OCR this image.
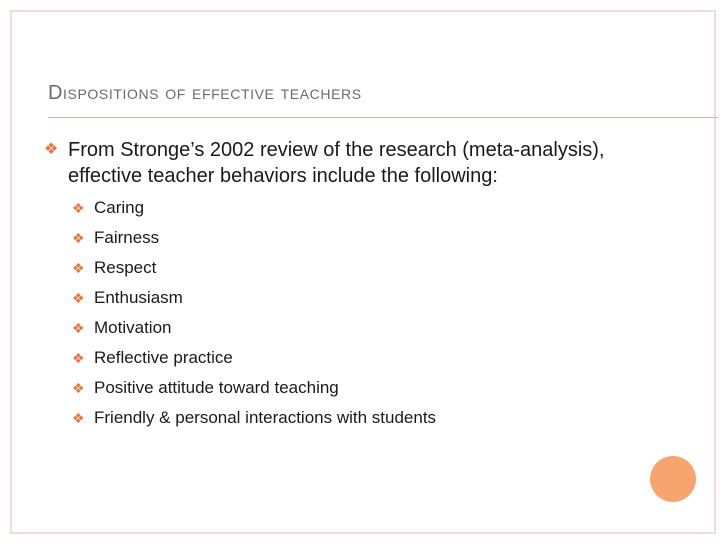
Dispositions of effective teachers
❖ From Stronge’s 2002 review of the research (meta-analysis), effective teacher behaviors include the following:
❖ Caring
❖ Fairness
❖ Respect
❖ Enthusiasm
❖ Motivation
❖ Reflective practice
❖ Positive attitude toward teaching
❖ Friendly & personal interactions with students
